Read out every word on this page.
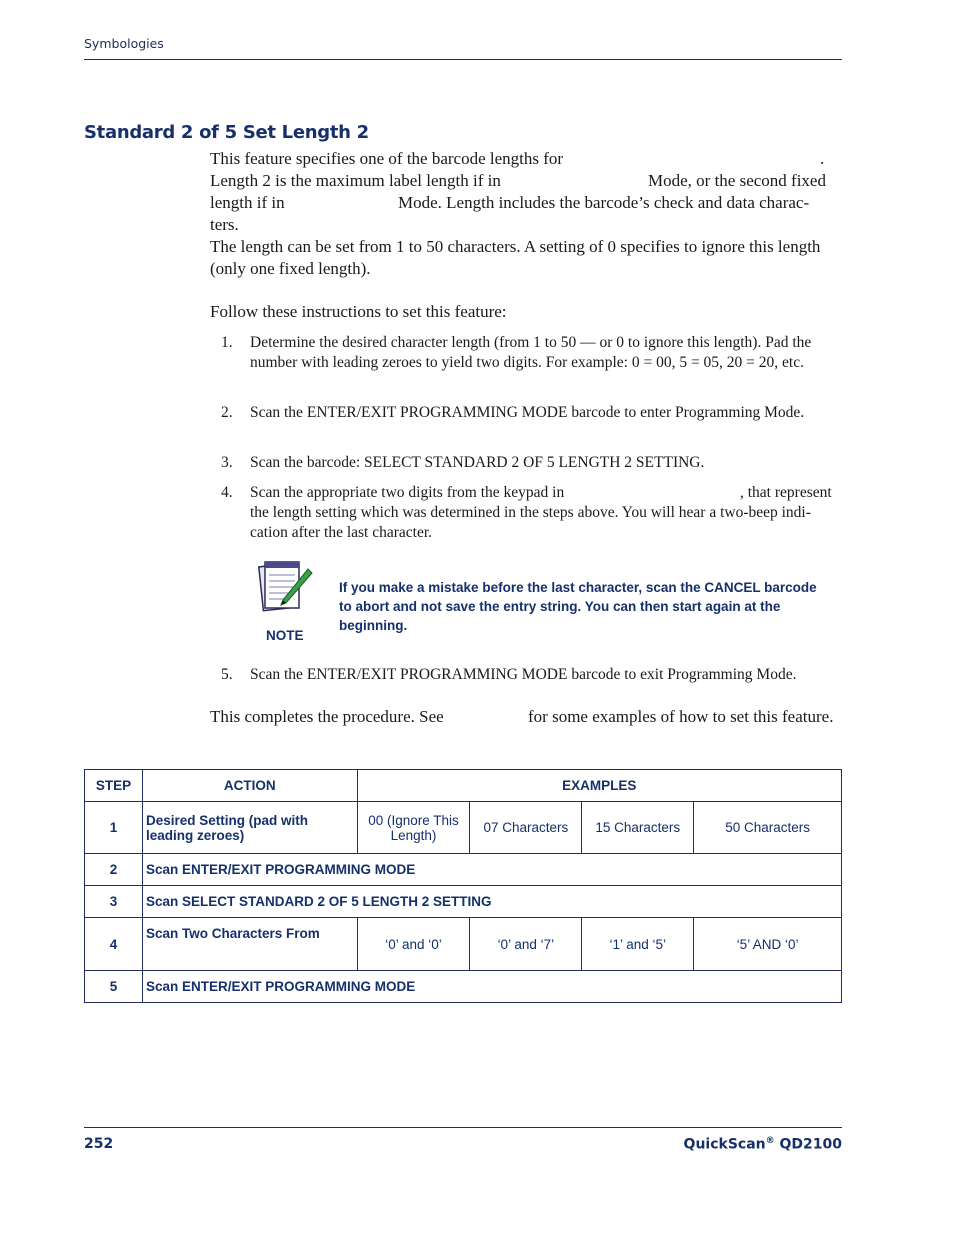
Symbologies
Standard 2 of 5 Set Length 2
This feature specifies one of the barcode lengths for	.
Length 2 is the maximum label length if in	Mode, or the second fixed
length if in	Mode. Length includes the barcode’s check and data charac-
ters.
The length can be set from 1 to 50 characters. A setting of 0 specifies to ignore this length
(only one fixed length).
Follow these instructions to set this feature:
1. Determine the desired character length (from 1 to 50 — or 0 to ignore this length). Pad the number with leading zeroes to yield two digits. For example: 0 = 00, 5 = 05, 20 = 20, etc.
2. Scan the ENTER/EXIT PROGRAMMING MODE barcode to enter Programming Mode.
3. Scan the barcode: SELECT STANDARD 2 OF 5 LENGTH 2 SETTING.
4. Scan the appropriate two digits from the keypad in	, that represent
the length setting which was determined in the steps above. You will hear a two-beep indi-
cation after the last character.
5. Scan the ENTER/EXIT PROGRAMMING MODE barcode to exit Programming Mode.
NOTE
If you make a mistake before the last character, scan the CANCEL barcode to abort and not save the entry string. You can then start again at the beginning.
This completes the procedure. See	for some examples of how to set this feature.
STEP	ACTION	EXAMPLES			
1	Desired Setting (pad with leading zeroes)	00 (Ignore This Length)	07 Characters	15 Characters	50 Characters
2	Scan ENTER/EXIT PROGRAMMING MODE				
3	Scan SELECT STANDARD 2 OF 5 LENGTH 2 SETTING				
4	Scan Two Characters From	‘0’ and ‘0’	‘0’ and ‘7’	‘1’ and ‘5’	‘5’ AND ‘0’
5	Scan ENTER/EXIT PROGRAMMING MODE				
252	QuickScan® QD2100
